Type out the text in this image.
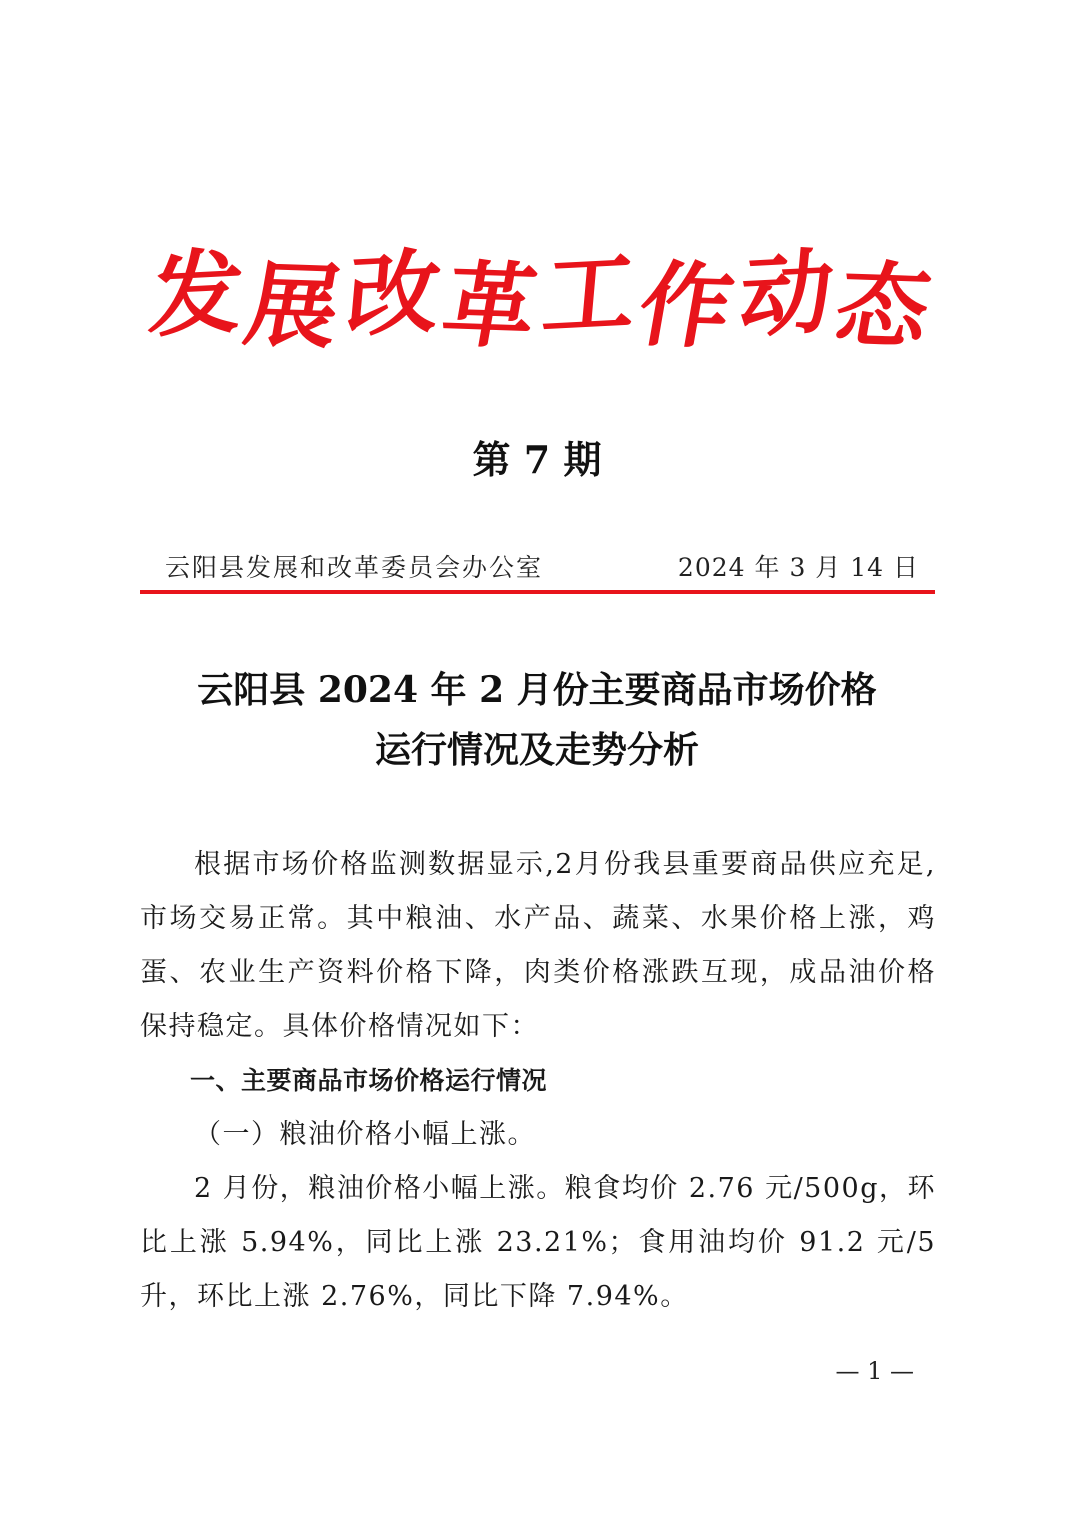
发
展
改
革
工
作
动
态
第 7 期
云阳县发展和改革委员会办公室	2024 年 3 月 14 日
云阳县 2024 年 2 月份主要商品市场价格
运行情况及走势分析

根据市场价格监测数据显示,2月份我县重要商品供应充足,市场交易正常。其中粮油、水产品、蔬菜、水果价格上涨，鸡蛋、农业生产资料价格下降，肉类价格涨跌互现，成品油价格保持稳定。具体价格情况如下：

一、主要商品市场价格运行情况

（一）粮油价格小幅上涨。

2 月份，粮油价格小幅上涨。粮食均价 2.76 元/500g，环比上涨 5.94%，同比上涨 23.21%；食用油均价 91.2 元/5 升，环比上涨 2.76%，同比下降 7.94%。

— 1 —
